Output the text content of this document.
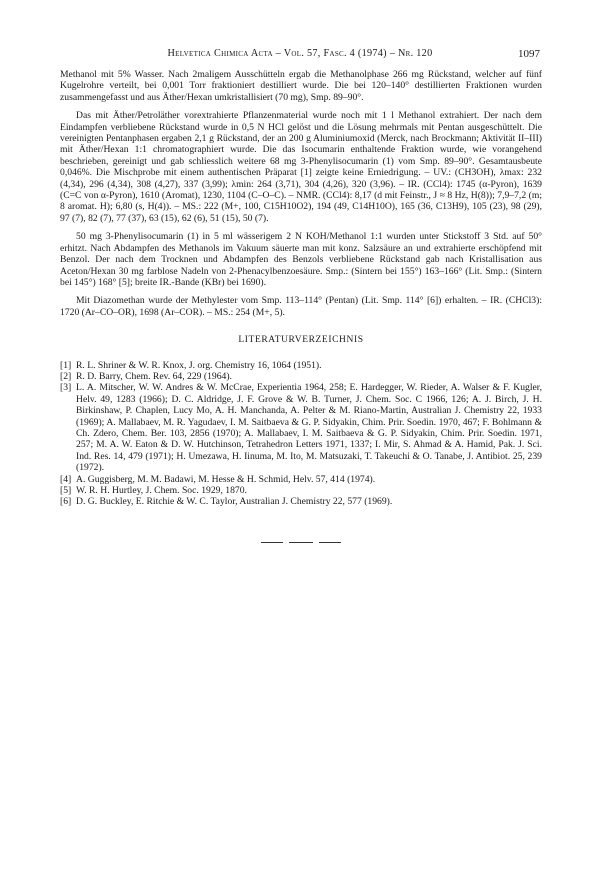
Helvetica Chimica Acta – Vol. 57, Fasc. 4 (1974) – Nr. 120	1097

Methanol mit 5% Wasser. Nach 2maligem Ausschütteln ergab die Methanolphase 266 mg Rückstand, welcher auf fünf Kugelrohre verteilt, bei 0,001 Torr fraktioniert destilliert wurde. Die bei 120–140° destillierten Fraktionen wurden zusammengefasst und aus Äther/Hexan umkristallisiert (70 mg), Smp. 89–90°.

Das mit Äther/Petroläther vorextrahierte Pflanzenmaterial wurde noch mit 1 l Methanol extrahiert. Der nach dem Eindampfen verbliebene Rückstand wurde in 0,5 N HCl gelöst und die Lösung mehrmals mit Pentan ausgeschüttelt. Die vereinigten Pentanphasen ergaben 2,1 g Rückstand, der an 200 g Aluminiumoxid (Merck, nach Brockmann; Aktivität II–III) mit Äther/Hexan 1:1 chromatographiert wurde. Die das Isocumarin enthaltende Fraktion wurde, wie vorangehend beschrieben, gereinigt und gab schliesslich weitere 68 mg 3-Phenylisocumarin (1) vom Smp. 89–90°. Gesamtausbeute 0,046%. Die Mischprobe mit einem authentischen Präparat [1] zeigte keine Erniedrigung. – UV.: (CH3OH), λmax: 232 (4,34), 296 (4,34), 308 (4,27), 337 (3,99); λmin: 264 (3,71), 304 (4,26), 320 (3,96). – IR. (CCl4): 1745 (α-Pyron), 1639 (C=C von α-Pyron), 1610 (Aromat), 1230, 1104 (C–O–C). – NMR. (CCl4): 8,17 (d mit Feinstr., J ≈ 8 Hz, H(8)); 7,9–7,2 (m; 8 aromat. H); 6,80 (s, H(4)). – MS.: 222 (M+, 100, C15H10O2), 194 (49, C14H10O), 165 (36, C13H9), 105 (23), 98 (29), 97 (7), 82 (7), 77 (37), 63 (15), 62 (6), 51 (15), 50 (7).

50 mg 3-Phenylisocumarin (1) in 5 ml wässerigem 2 N KOH/Methanol 1:1 wurden unter Stickstoff 3 Std. auf 50° erhitzt. Nach Abdampfen des Methanols im Vakuum säuerte man mit konz. Salzsäure an und extrahierte erschöpfend mit Benzol. Der nach dem Trocknen und Abdampfen des Benzols verbliebene Rückstand gab nach Kristallisation aus Aceton/Hexan 30 mg farblose Nadeln von 2-Phenacylbenzoesäure. Smp.: (Sintern bei 155°) 163–166° (Lit. Smp.: (Sintern bei 145°) 168° [5]; breite IR.-Bande (KBr) bei 1690).

Mit Diazomethan wurde der Methylester vom Smp. 113–114° (Pentan) (Lit. Smp. 114° [6]) erhalten. – IR. (CHCl3): 1720 (Ar–CO–OR), 1698 (Ar–COR). – MS.: 254 (M+, 5).

LITERATURVERZEICHNIS
[1] R. L. Shriner & W. R. Knox, J. org. Chemistry 16, 1064 (1951).
[2] R. D. Barry, Chem. Rev. 64, 229 (1964).
[3] L. A. Mitscher, W. W. Andres & W. McCrae, Experientia 1964, 258; E. Hardegger, W. Rieder, A. Walser & F. Kugler, Helv. 49, 1283 (1966); D. C. Aldridge, J. F. Grove & W. B. Turner, J. Chem. Soc. C 1966, 126; A. J. Birch, J. H. Birkinshaw, P. Chaplen, Lucy Mo, A. H. Manchanda, A. Pelter & M. Riano-Martin, Australian J. Chemistry 22, 1933 (1969); A. Mallabaev, M. R. Yagudaev, I. M. Saitbaeva & G. P. Sidyakin, Chim. Prir. Soedin. 1970, 467; F. Bohlmann & Ch. Zdero, Chem. Ber. 103, 2856 (1970); A. Mallabaev, I. M. Saitbaeva & G. P. Sidyakin, Chim. Prir. Soedin. 1971, 257; M. A. W. Eaton & D. W. Hutchinson, Tetrahedron Letters 1971, 1337; I. Mir, S. Ahmad & A. Hamid, Pak. J. Sci. Ind. Res. 14, 479 (1971); H. Umezawa, H. Iinuma, M. Ito, M. Matsuzaki, T. Takeuchi & O. Tanabe, J. Antibiot. 25, 239 (1972).
[4] A. Guggisberg, M. M. Badawi, M. Hesse & H. Schmid, Helv. 57, 414 (1974).
[5] W. R. H. Hurtley, J. Chem. Soc. 1929, 1870.
[6] D. G. Buckley, E. Ritchie & W. C. Taylor, Australian J. Chemistry 22, 577 (1969).
